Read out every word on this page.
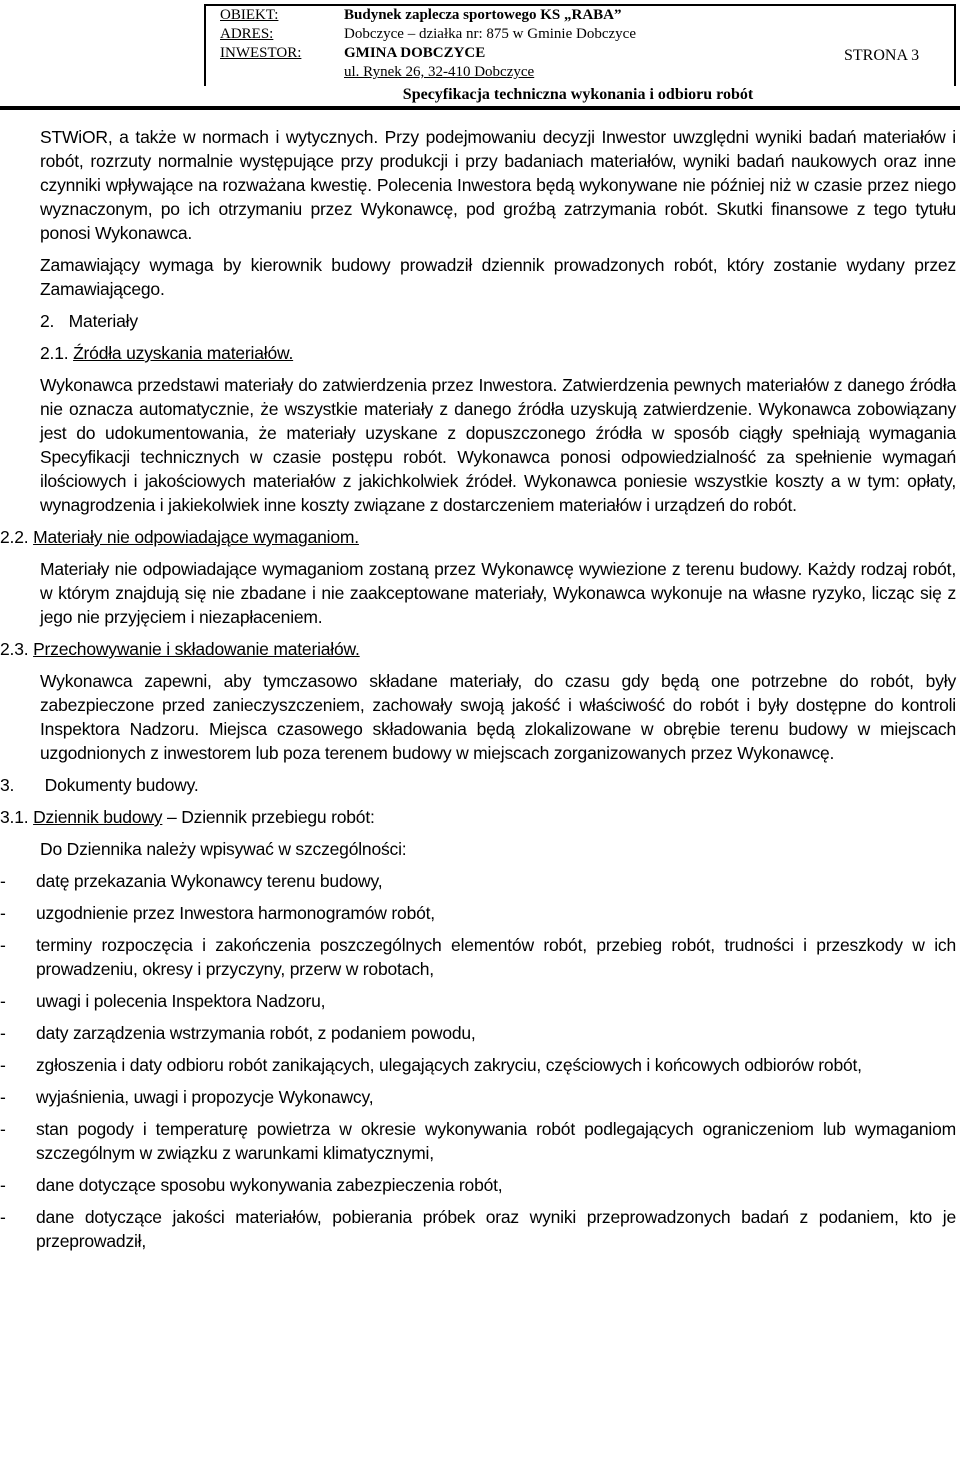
OBIEKT:	Budynek zaplecza sportowego KS „RABA”
ADRES:	Dobczyce – działka nr: 875 w Gminie Dobczyce
INWESTOR:	GMINA DOBCZYCE
ul. Rynek 26, 32-410 Dobczyce
STRONA 3
Specyfikacja techniczna wykonania i odbioru robót

STWiOR, a także w normach i wytycznych. Przy podejmowaniu decyzji Inwestor uwzględni wyniki badań materiałów i robót, rozrzuty normalnie występujące przy produkcji i przy badaniach materiałów, wyniki badań naukowych oraz inne czynniki wpływające na rozważana kwestię. Polecenia Inwestora będą wykonywane nie później niż w czasie przez niego wyznaczonym, po ich otrzymaniu przez Wykonawcę, pod groźbą zatrzymania robót. Skutki finansowe z tego tytułu ponosi Wykonawca.

Zamawiający wymaga by kierownik budowy prowadził dziennik prowadzonych robót, który zostanie wydany przez Zamawiającego.

2. Materiały

2.1. Źródła uzyskania materiałów.

Wykonawca przedstawi materiały do zatwierdzenia przez Inwestora. Zatwierdzenia pewnych materiałów z danego źródła nie oznacza automatycznie, że wszystkie materiały z danego źródła uzyskują zatwierdzenie. Wykonawca zobowiązany jest do udokumentowania, że materiały uzyskane z dopuszczonego źródła w sposób ciągły spełniają wymagania Specyfikacji technicznych w czasie postępu robót. Wykonawca ponosi odpowiedzialność za spełnienie wymagań ilościowych i jakościowych materiałów z jakichkolwiek źródeł. Wykonawca poniesie wszystkie koszty a w tym: opłaty, wynagrodzenia i jakiekolwiek inne koszty związane z dostarczeniem materiałów i urządzeń do robót.

2.2. Materiały nie odpowiadające wymaganiom.

Materiały nie odpowiadające wymaganiom zostaną przez Wykonawcę wywiezione z terenu budowy. Każdy rodzaj robót, w którym znajdują się nie zbadane i nie zaakceptowane materiały, Wykonawca wykonuje na własne ryzyko, licząc się z jego nie przyjęciem i niezapłaceniem.

2.3. Przechowywanie i składowanie materiałów.

Wykonawca zapewni, aby tymczasowo składane materiały, do czasu gdy będą one potrzebne do robót, były zabezpieczone przed zanieczyszczeniem, zachowały swoją jakość i właściwość do robót i były dostępne do kontroli Inspektora Nadzoru. Miejsca czasowego składowania będą zlokalizowane w obrębie terenu budowy w miejscach uzgodnionych z inwestorem lub poza terenem budowy w miejscach zorganizowanych przez Wykonawcę.

3. Dokumenty budowy.

3.1. Dziennik budowy – Dziennik przebiegu robót:

Do Dziennika należy wpisywać w szczególności:

-	datę przekazania Wykonawcy terenu budowy,
-	uzgodnienie przez Inwestora harmonogramów robót,
-	terminy rozpoczęcia i zakończenia poszczególnych elementów robót, przebieg robót, trudności i przeszkody w ich prowadzeniu, okresy i przyczyny, przerw w robotach,
-	uwagi i polecenia Inspektora Nadzoru,
-	daty zarządzenia wstrzymania robót, z podaniem powodu,
-	zgłoszenia i daty odbioru robót zanikających, ulegających zakryciu, częściowych i końcowych odbiorów robót,
-	wyjaśnienia, uwagi i propozycje Wykonawcy,
-	stan pogody i temperaturę powietrza w okresie wykonywania robót podlegających ograniczeniom lub wymaganiom szczególnym w związku z warunkami klimatycznymi,
-	dane dotyczące sposobu wykonywania zabezpieczenia robót,
-	dane dotyczące jakości materiałów, pobierania próbek oraz wyniki przeprowadzonych badań z podaniem, kto je przeprowadził,
